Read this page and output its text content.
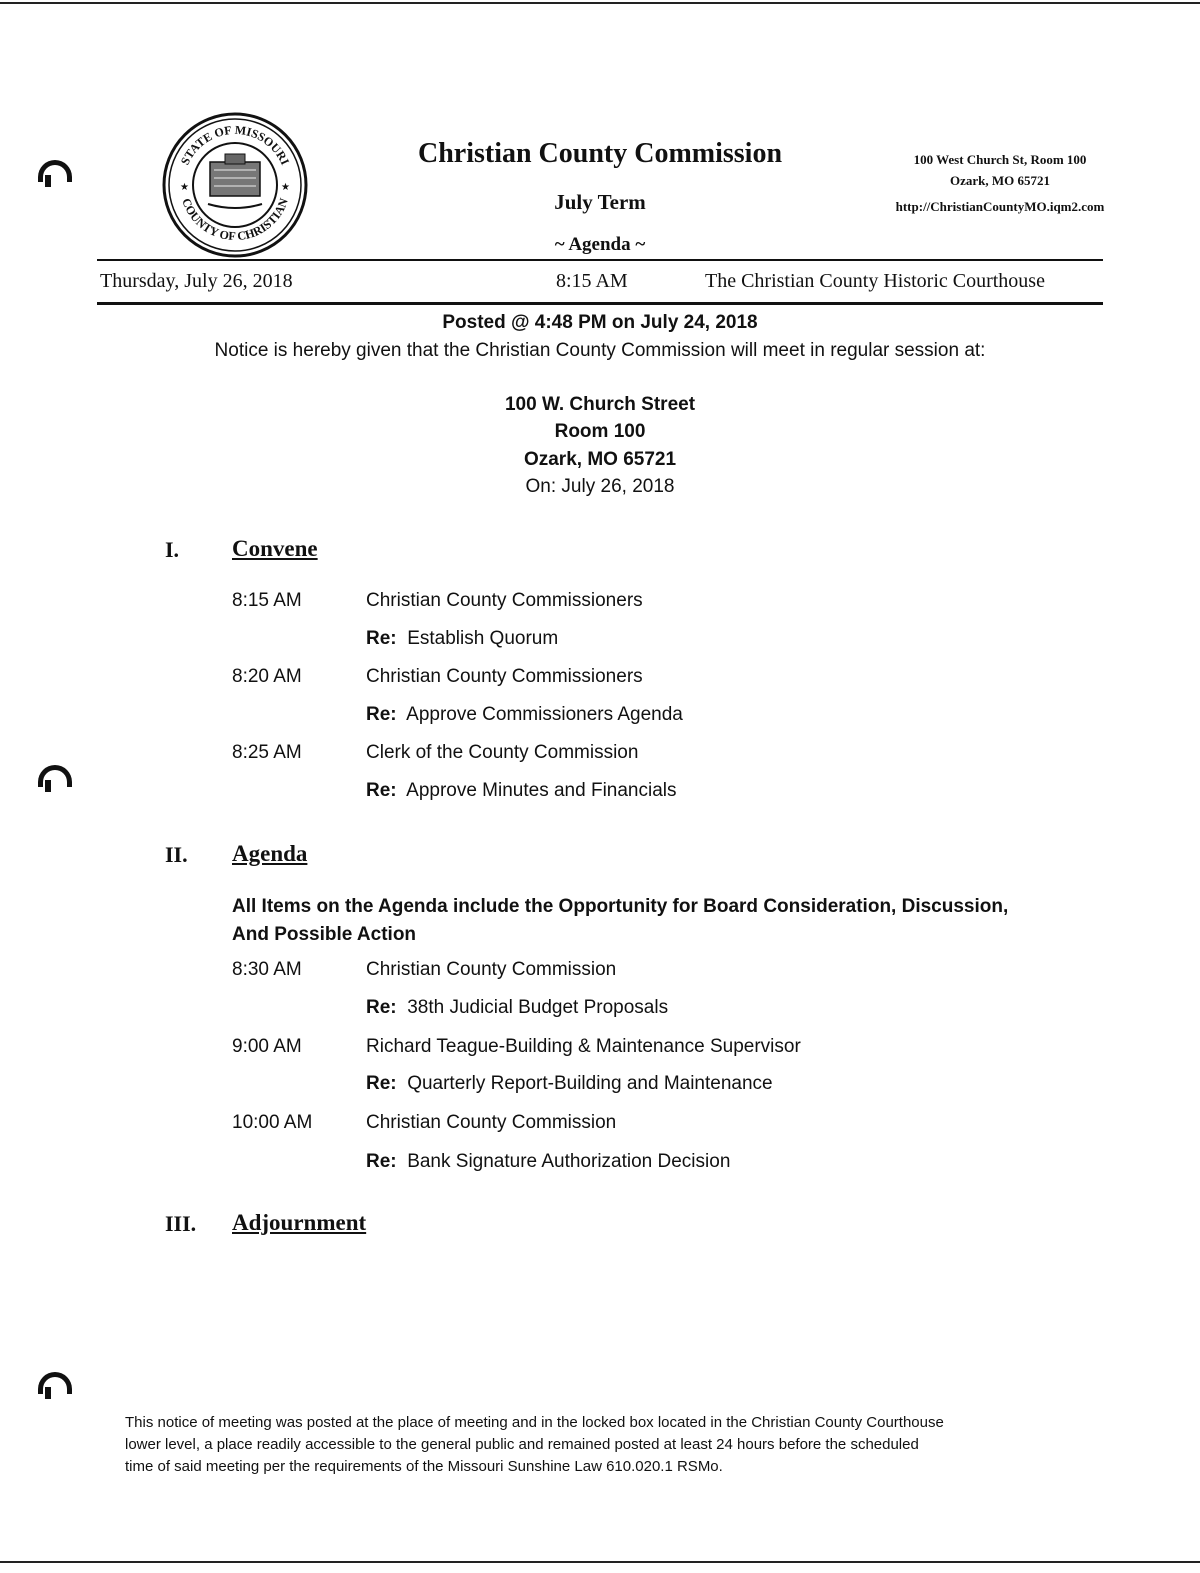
STATE OF MISSOURI
COUNTY OF CHRISTIAN
★	★
Christian County Commission
July Term
~ Agenda ~
100 West Church St, Room 100
Ozark, MO 65721
http://ChristianCountyMO.iqm2.com
Thursday, July 26, 2018	8:15 AM	The Christian County Historic Courthouse
Posted @ 4:48 PM on July 24, 2018
Notice is hereby given that the Christian County Commission will meet in regular session at:
100 W. Church Street
Room 100
Ozark, MO 65721
On: July 26, 2018
I. Convene
8:15 AM	Christian County Commissioners
Re: Establish Quorum
8:20 AM	Christian County Commissioners
Re: Approve Commissioners Agenda
8:25 AM	Clerk of the County Commission
Re: Approve Minutes and Financials
II. Agenda
All Items on the Agenda include the Opportunity for Board Consideration, Discussion,
And Possible Action
8:30 AM	Christian County Commission
Re: 38th Judicial Budget Proposals
9:00 AM	Richard Teague-Building & Maintenance Supervisor
Re: Quarterly Report-Building and Maintenance
10:00 AM	Christian County Commission
Re: Bank Signature Authorization Decision
III. Adjournment
This notice of meeting was posted at the place of meeting and in the locked box located in the Christian County Courthouse
lower level, a place readily accessible to the general public and remained posted at least 24 hours before the scheduled
time of said meeting per the requirements of the Missouri Sunshine Law 610.020.1 RSMo.
